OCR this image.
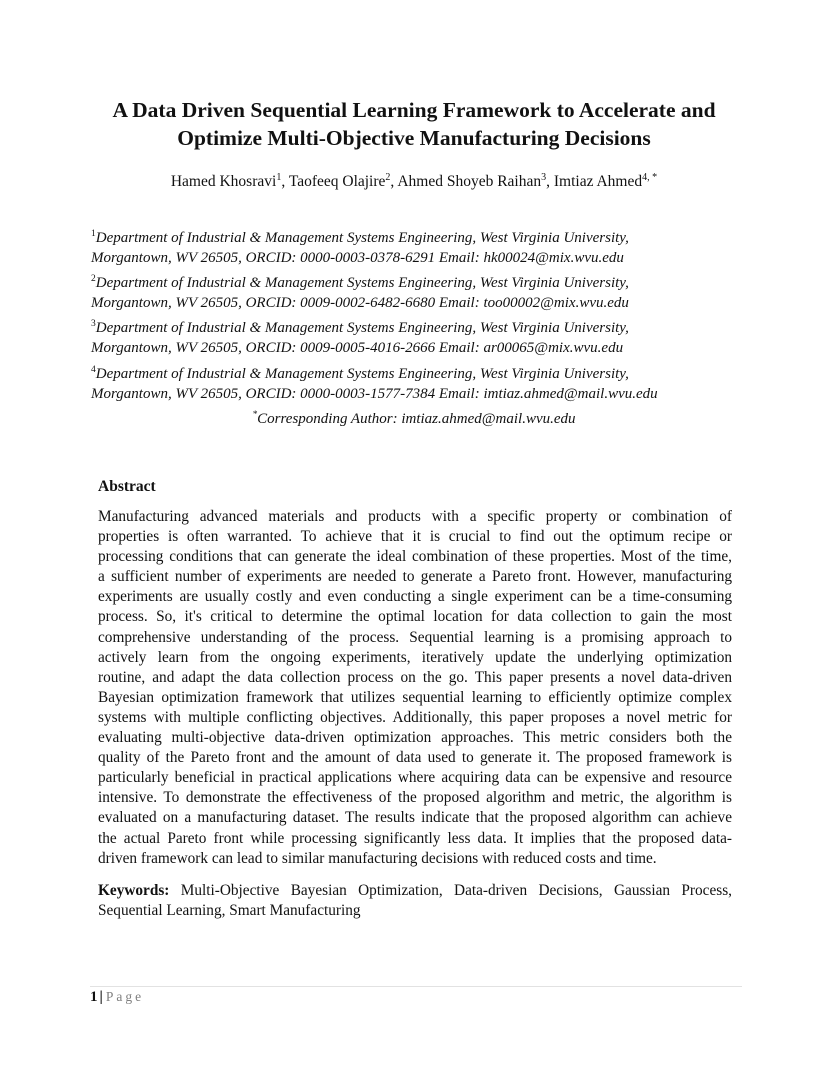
A Data Driven Sequential Learning Framework to Accelerate and
Optimize Multi-Objective Manufacturing Decisions
Hamed Khosravi$^1$, Taofeeq Olajire$^2$, Ahmed Shoyeb Raihan$^3$, Imtiaz Ahmed$^{4, *}$
$^1$Department of Industrial & Management Systems Engineering, West Virginia University,
Morgantown, WV 26505, ORCID: 0000-0003-0378-6291 Email: hk00024@mix.wvu.edu
$^2$Department of Industrial & Management Systems Engineering, West Virginia University,
Morgantown, WV 26505, ORCID: 0009-0002-6482-6680 Email: too00002@mix.wvu.edu
$^3$Department of Industrial & Management Systems Engineering, West Virginia University,
Morgantown, WV 26505, ORCID: 0009-0005-4016-2666 Email: ar00065@mix.wvu.edu
$^4$Department of Industrial & Management Systems Engineering, West Virginia University,
Morgantown, WV 26505, ORCID: 0000-0003-1577-7384 Email: imtiaz.ahmed@mail.wvu.edu
*Corresponding Author: imtiaz.ahmed@mail.wvu.edu
Abstract
Manufacturing advanced materials and products with a specific property or combination of
properties is often warranted. To achieve that it is crucial to find out the optimum recipe or
processing conditions that can generate the ideal combination of these properties. Most of the time,
a sufficient number of experiments are needed to generate a Pareto front. However, manufacturing
experiments are usually costly and even conducting a single experiment can be a time-consuming
process. So, it's critical to determine the optimal location for data collection to gain the most
comprehensive understanding of the process. Sequential learning is a promising approach to
actively learn from the ongoing experiments, iteratively update the underlying optimization
routine, and adapt the data collection process on the go. This paper presents a novel data-driven
Bayesian optimization framework that utilizes sequential learning to efficiently optimize complex
systems with multiple conflicting objectives. Additionally, this paper proposes a novel metric for
evaluating multi-objective data-driven optimization approaches. This metric considers both the
quality of the Pareto front and the amount of data used to generate it. The proposed framework is
particularly beneficial in practical applications where acquiring data can be expensive and resource
intensive. To demonstrate the effectiveness of the proposed algorithm and metric, the algorithm is
evaluated on a manufacturing dataset. The results indicate that the proposed algorithm can achieve
the actual Pareto front while processing significantly less data. It implies that the proposed data-
driven framework can lead to similar manufacturing decisions with reduced costs and time.
Keywords: Multi-Objective Bayesian Optimization, Data-driven Decisions, Gaussian Process,
Sequential Learning, Smart Manufacturing
1 | Page
